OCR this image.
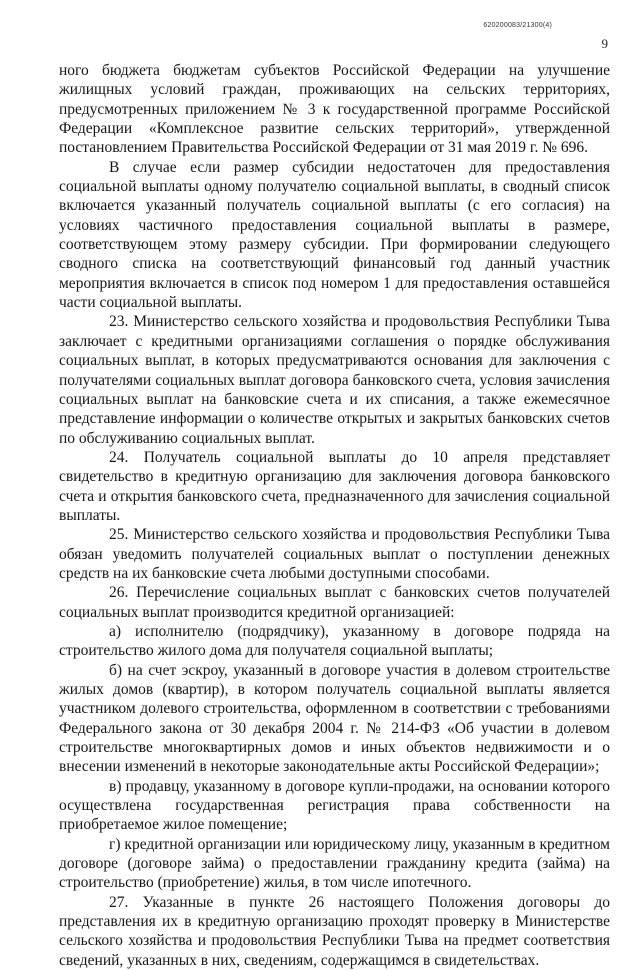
620200083/21300(4)
9

ного бюджета бюджетам субъектов Российской Федерации на улучшение жилищных условий граждан, проживающих на сельских территориях, предусмотренных приложением № 3 к государственной программе Российской Федерации «Комплексное развитие сельских территорий», утвержденной постановлением Правительства Российской Федерации от 31 мая 2019 г. № 696.

В случае если размер субсидии недостаточен для предоставления социальной выплаты одному получателю социальной выплаты, в сводный список включается указанный получатель социальной выплаты (с его согласия) на условиях частичного предоставления социальной выплаты в размере, соответствующем этому размеру субсидии. При формировании следующего сводного списка на соответствующий финансовый год данный участник мероприятия включается в список под номером 1 для предоставления оставшейся части социальной выплаты.

23. Министерство сельского хозяйства и продовольствия Республики Тыва заключает с кредитными организациями соглашения о порядке обслуживания социальных выплат, в которых предусматриваются основания для заключения с получателями социальных выплат договора банковского счета, условия зачисления социальных выплат на банковские счета и их списания, а также ежемесячное представление информации о количестве открытых и закрытых банковских счетов по обслуживанию социальных выплат.

24. Получатель социальной выплаты до 10 апреля представляет свидетельство в кредитную организацию для заключения договора банковского счета и открытия банковского счета, предназначенного для зачисления социальной выплаты.

25. Министерство сельского хозяйства и продовольствия Республики Тыва обязан уведомить получателей социальных выплат о поступлении денежных средств на их банковские счета любыми доступными способами.

26. Перечисление социальных выплат с банковских счетов получателей социальных выплат производится кредитной организацией:

а) исполнителю (подрядчику), указанному в договоре подряда на строительство жилого дома для получателя социальной выплаты;

б) на счет эскроу, указанный в договоре участия в долевом строительстве жилых домов (квартир), в котором получатель социальной выплаты является участником долевого строительства, оформленном в соответствии с требованиями Федерального закона от 30 декабря 2004 г. № 214-ФЗ «Об участии в долевом строительстве многоквартирных домов и иных объектов недвижимости и о внесении изменений в некоторые законодательные акты Российской Федерации»;

в) продавцу, указанному в договоре купли-продажи, на основании которого осуществлена государственная регистрация права собственности на приобретаемое жилое помещение;

г) кредитной организации или юридическому лицу, указанным в кредитном договоре (договоре займа) о предоставлении гражданину кредита (займа) на строительство (приобретение) жилья, в том числе ипотечного.

27. Указанные в пункте 26 настоящего Положения договоры до представления их в кредитную организацию проходят проверку в Министерстве сельского хозяйства и продовольствия Республики Тыва на предмет соответствия сведений, указанных в них, сведениям, содержащимся в свидетельствах.
